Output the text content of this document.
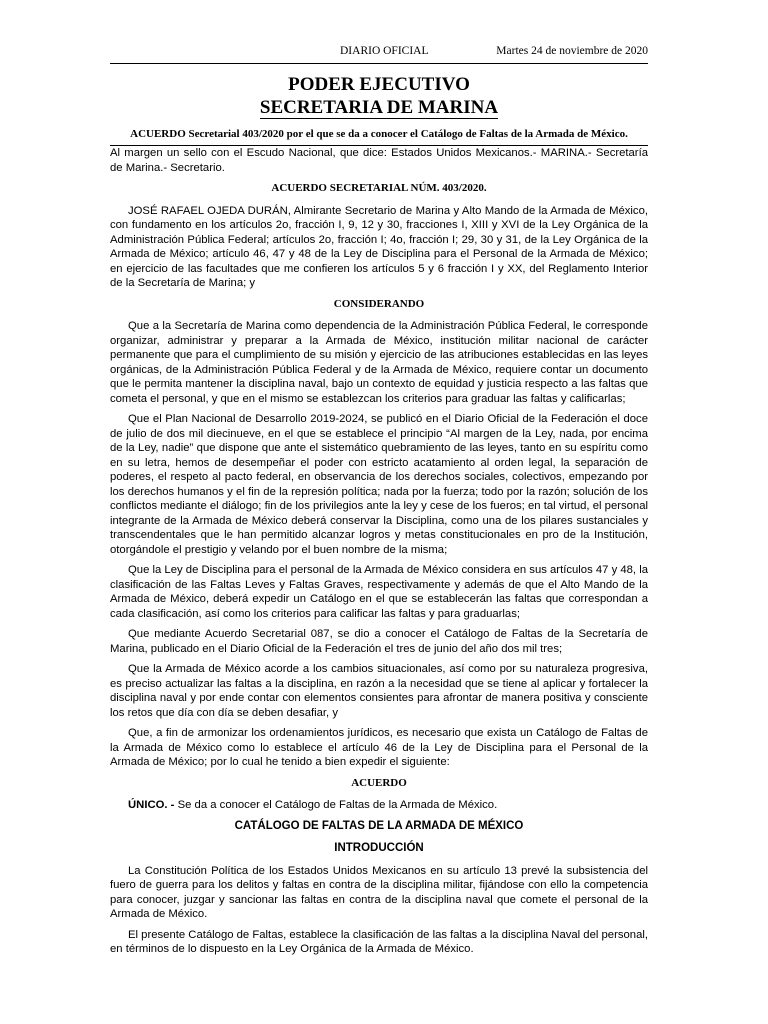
DIARIO OFICIAL	Martes 24 de noviembre de 2020
PODER EJECUTIVO
SECRETARIA DE MARINA
ACUERDO Secretarial 403/2020 por el que se da a conocer el Catálogo de Faltas de la Armada de México.

Al margen un sello con el Escudo Nacional, que dice: Estados Unidos Mexicanos.- MARINA.- Secretaría de Marina.- Secretario.

ACUERDO SECRETARIAL NÚM. 403/2020.

JOSÉ RAFAEL OJEDA DURÁN, Almirante Secretario de Marina y Alto Mando de la Armada de México, con fundamento en los artículos 2o, fracción I, 9, 12 y 30, fracciones I, XIII y XVI de la Ley Orgánica de la Administración Pública Federal; artículos 2o, fracción I; 4o, fracción I; 29, 30 y 31, de la Ley Orgánica de la Armada de México; artículo 46, 47 y 48 de la Ley de Disciplina para el Personal de la Armada de México; en ejercicio de las facultades que me confieren los artículos 5 y 6 fracción I y XX, del Reglamento Interior de la Secretaría de Marina; y

CONSIDERANDO

Que a la Secretaría de Marina como dependencia de la Administración Pública Federal, le corresponde organizar, administrar y preparar a la Armada de México, institución militar nacional de carácter permanente que para el cumplimiento de su misión y ejercicio de las atribuciones establecidas en las leyes orgánicas, de la Administración Pública Federal y de la Armada de México, requiere contar un documento que le permita mantener la disciplina naval, bajo un contexto de equidad y justicia respecto a las faltas que cometa el personal, y que en el mismo se establezcan los criterios para graduar las faltas y calificarlas;

Que el Plan Nacional de Desarrollo 2019-2024, se publicó en el Diario Oficial de la Federación el doce de julio de dos mil diecinueve, en el que se establece el principio “Al margen de la Ley, nada, por encima de la Ley, nadie” que dispone que ante el sistemático quebramiento de las leyes, tanto en su espíritu como en su letra, hemos de desempeñar el poder con estricto acatamiento al orden legal, la separación de poderes, el respeto al pacto federal, en observancia de los derechos sociales, colectivos, empezando por los derechos humanos y el fin de la represión política; nada por la fuerza; todo por la razón; solución de los conflictos mediante el diálogo; fin de los privilegios ante la ley y cese de los fueros; en tal virtud, el personal integrante de la Armada de México deberá conservar la Disciplina, como una de los pilares sustanciales y transcendentales que le han permitido alcanzar logros y metas constitucionales en pro de la Institución, otorgándole el prestigio y velando por el buen nombre de la misma;

Que la Ley de Disciplina para el personal de la Armada de México considera en sus artículos 47 y 48, la clasificación de las Faltas Leves y Faltas Graves, respectivamente y además de que el Alto Mando de la Armada de México, deberá expedir un Catálogo en el que se establecerán las faltas que correspondan a cada clasificación, así como los criterios para calificar las faltas y para graduarlas;

Que mediante Acuerdo Secretarial 087, se dio a conocer el Catálogo de Faltas de la Secretaría de Marina, publicado en el Diario Oficial de la Federación el tres de junio del año dos mil tres;

Que la Armada de México acorde a los cambios situacionales, así como por su naturaleza progresiva, es preciso actualizar las faltas a la disciplina, en razón a la necesidad que se tiene al aplicar y fortalecer la disciplina naval y por ende contar con elementos consientes para afrontar de manera positiva y consciente los retos que día con día se deben desafiar, y

Que, a fin de armonizar los ordenamientos jurídicos, es necesario que exista un Catálogo de Faltas de la Armada de México como lo establece el artículo 46 de la Ley de Disciplina para el Personal de la Armada de México; por lo cual he tenido a bien expedir el siguiente:

ACUERDO

ÚNICO. - Se da a conocer el Catálogo de Faltas de la Armada de México.

CATÁLOGO DE FALTAS DE LA ARMADA DE MÉXICO
INTRODUCCIÓN

La Constitución Política de los Estados Unidos Mexicanos en su artículo 13 prevé la subsistencia del fuero de guerra para los delitos y faltas en contra de la disciplina militar, fijándose con ello la competencia para conocer, juzgar y sancionar las faltas en contra de la disciplina naval que comete el personal de la Armada de México.

El presente Catálogo de Faltas, establece la clasificación de las faltas a la disciplina Naval del personal, en términos de lo dispuesto en la Ley Orgánica de la Armada de México.
